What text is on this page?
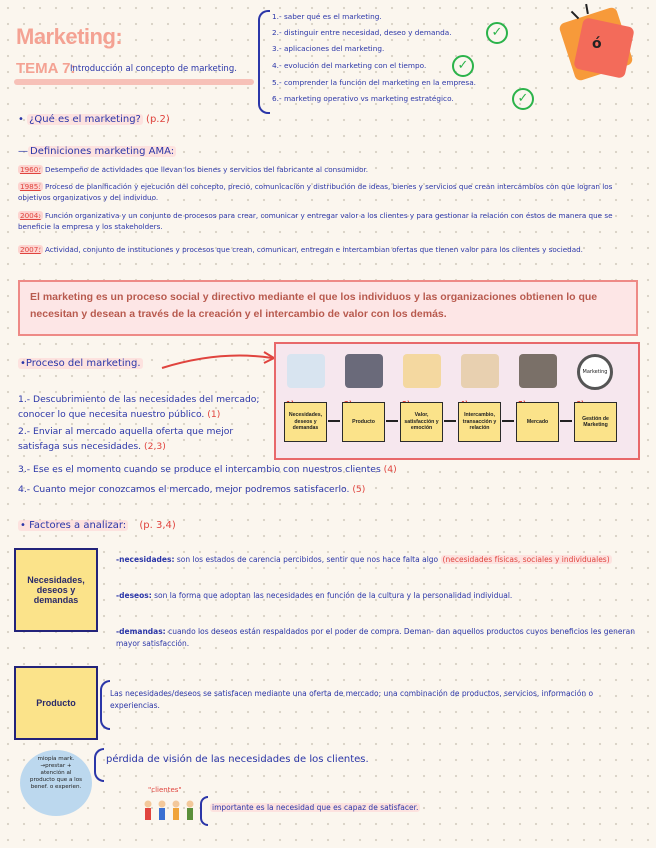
Marketing:
TEMA 7:
Introducción al concepto de marketing.
1.- saber qué es el marketing.
2.- distinguir entre necesidad, deseo y demanda.	✓
3.- aplicaciones del marketing.
4.- evolución del marketing con el tiempo.	✓
5.- comprender la función del marketing en la empresa.
6.- marketing operativo vs marketing estratégico.	✓
ó
• ¿Qué es el marketing? (p.2)
— Definiciones marketing AMA:
1960: Desempeño de actividades que llevan los bienes y servicios del fabricante al consumidor.
1985: Proceso de planificación y ejecución del concepto, precio, comunicación y distribución de ideas, bienes y servicios que crean intercambios con que logran los objetivos organizativos y del individuo.
2004: Función organizativa y un conjunto de procesos para crear, comunicar y entregar valor a los clientes y para gestionar la relación con éstos de manera que se beneficie la empresa y los stakeholders.
2007: Actividad, conjunto de instituciones y procesos que crean, comunican, entregan e intercambian ofertas que tienen valor para los clientes y sociedad.
El marketing es un proceso social y directivo mediante el que los individuos y las organizaciones obtienen lo que necesitan y desean a través de la creación y el intercambio de valor con los demás.
•Proceso del marketing.
Necesidades, deseos y demandas
Producto
Valor, satisfacción y emoción
Intercambio, transacción y relación
Mercado
Marketing
Gestión de Marketing
1.- Descubrimiento de las necesidades del mercado; conocer lo que necesita nuestro público. (1)
2.- Enviar al mercado aquella oferta que mejor satisfaga sus necesidades. (2,3)
3.- Ese es el momento cuando se produce el intercambio con nuestros clientes (4)
4.- Cuanto mejor conozcamos el mercado, mejor podremos satisfacerlo. (5)
• Factores a analizar: (p. 3,4)
Necesidades, deseos y demandas
-necesidades: son los estados de carencia percibidos, sentir que nos hace falta algo (necesidades físicas, sociales y individuales)
-deseos: son la forma que adoptan las necesidades en función de la cultura y la personalidad individual.
-demandas: cuando los deseos están respaldados por el poder de compra. Deman- dan aquellos productos cuyos beneficios les generan mayor satisfacción.
Producto
Las necesidades/deseos se satisfacen mediante una oferta de mercado; una combinación de productos, servicios, información o experiencias.
miopía mark. →prestar + atención al producto que a los benef. o experien.
pérdida de visión de las necesidades de los clientes.
"clientes"
importante es la necesidad que es capaz de satisfacer.
